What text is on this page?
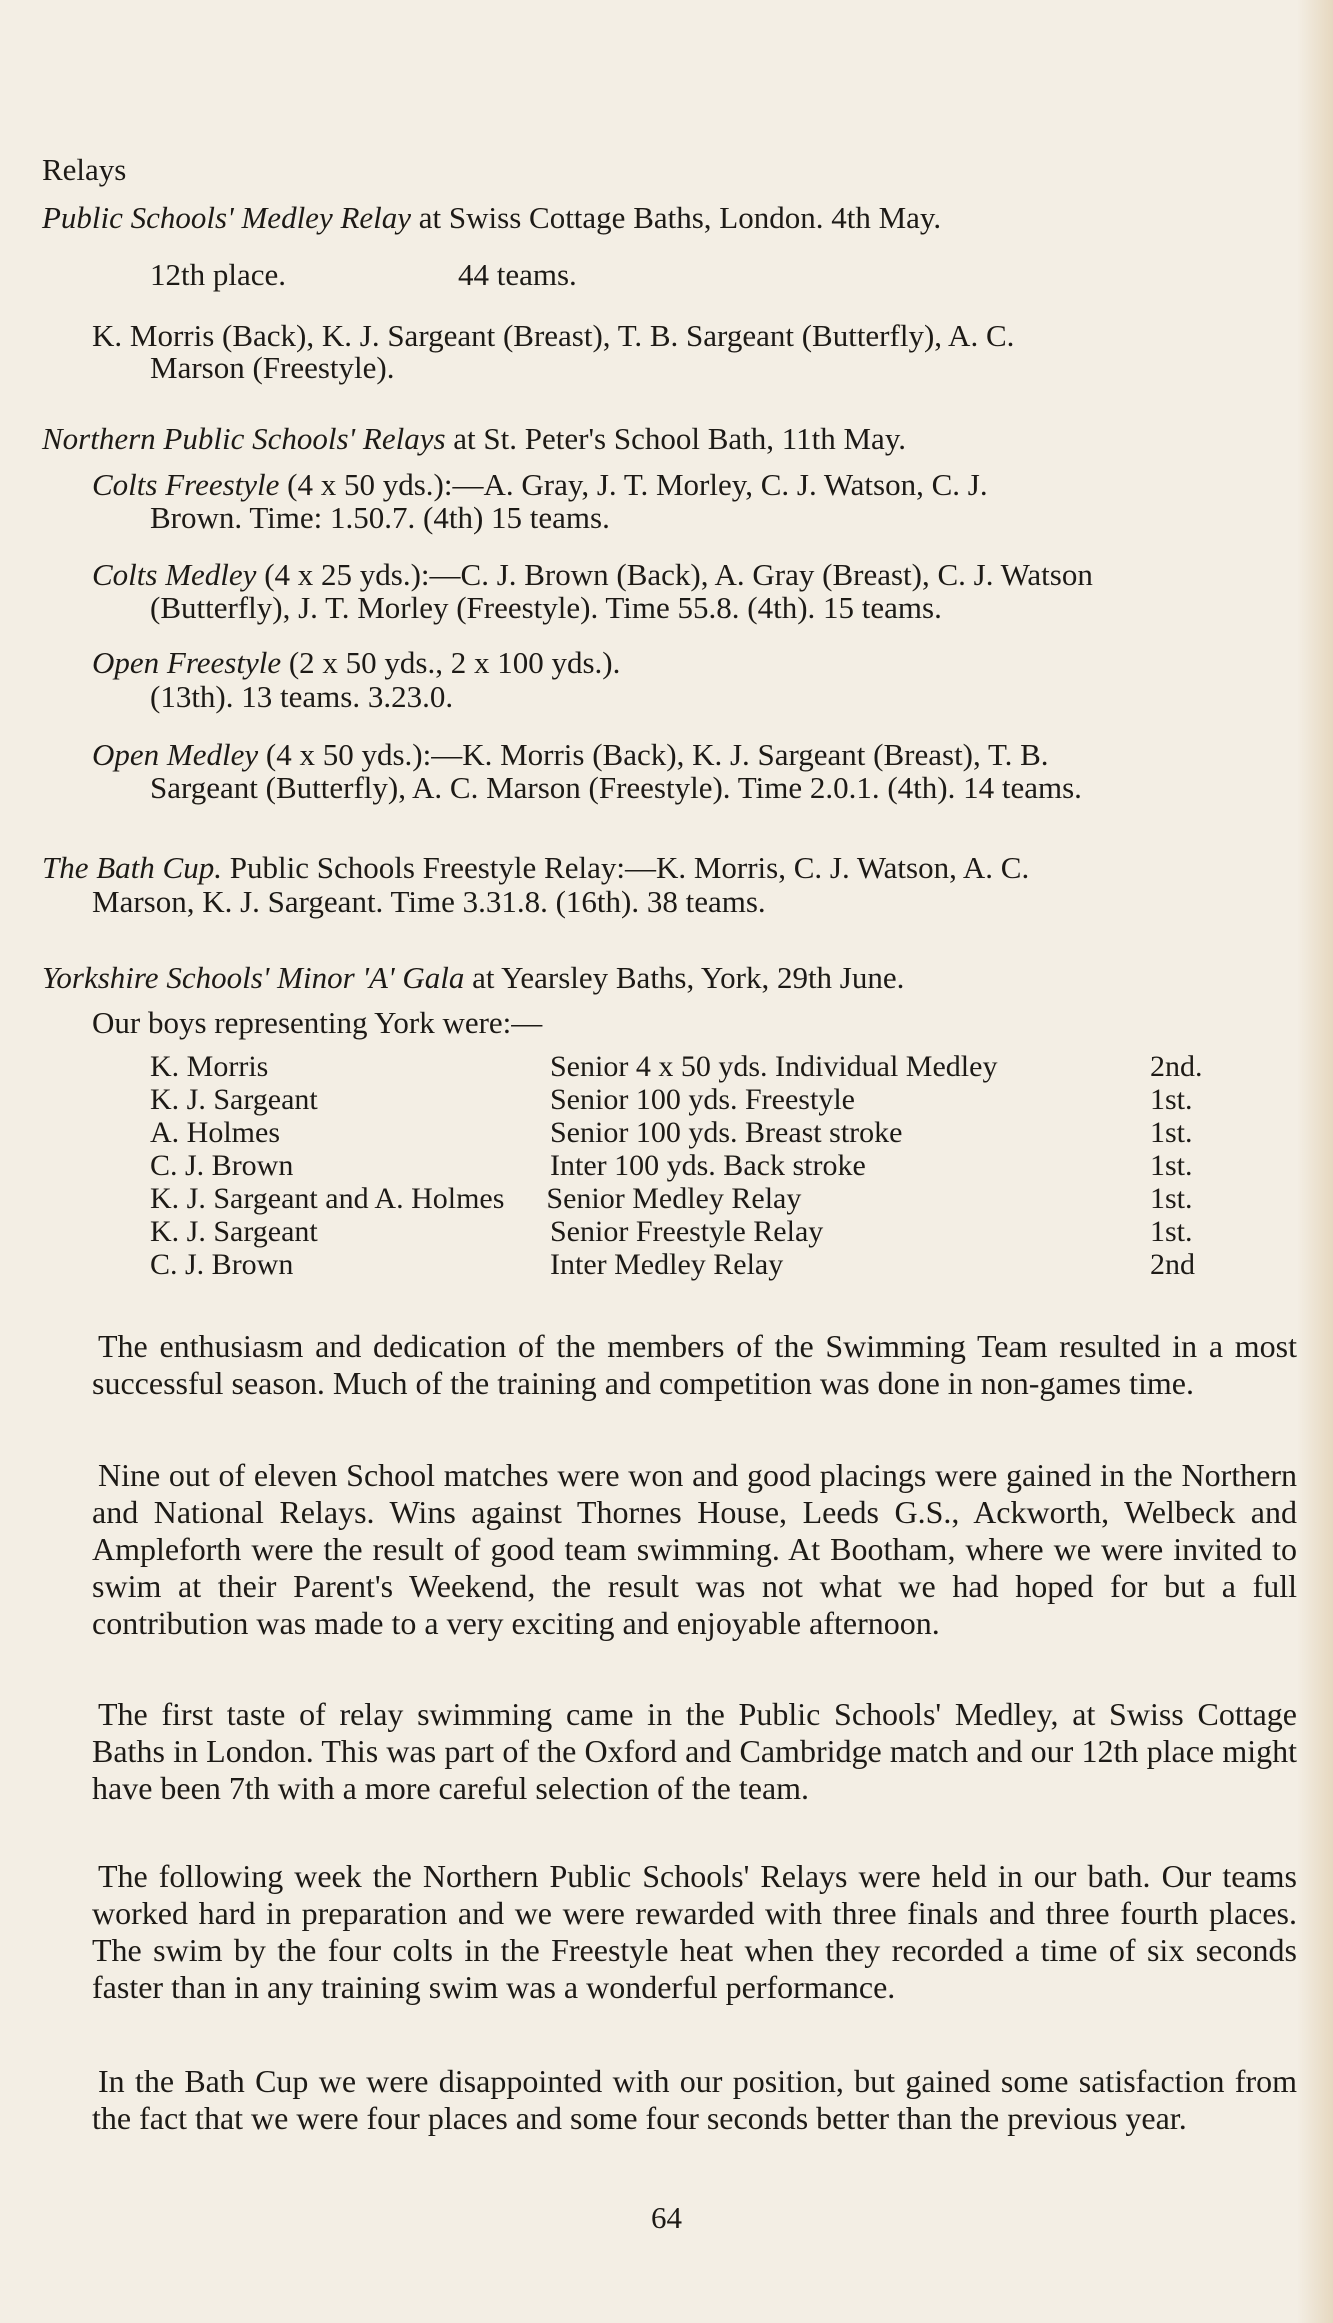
Relays
Public Schools' Medley Relay at Swiss Cottage Baths, London. 4th May.
12th place.	44 teams.
K. Morris (Back), K. J. Sargeant (Breast), T. B. Sargeant (Butterfly), A. C.
Marson (Freestyle).
Northern Public Schools' Relays at St. Peter's School Bath, 11th May.
Colts Freestyle (4 x 50 yds.):—A. Gray, J. T. Morley, C. J. Watson, C. J.
Brown. Time: 1.50.7. (4th) 15 teams.
Colts Medley (4 x 25 yds.):—C. J. Brown (Back), A. Gray (Breast), C. J. Watson
(Butterfly), J. T. Morley (Freestyle). Time 55.8. (4th). 15 teams.
Open Freestyle (2 x 50 yds., 2 x 100 yds.).
(13th). 13 teams. 3.23.0.
Open Medley (4 x 50 yds.):—K. Morris (Back), K. J. Sargeant (Breast), T. B.
Sargeant (Butterfly), A. C. Marson (Freestyle). Time 2.0.1. (4th). 14 teams.
The Bath Cup. Public Schools Freestyle Relay:—K. Morris, C. J. Watson, A. C.
Marson, K. J. Sargeant. Time 3.31.8. (16th). 38 teams.
Yorkshire Schools' Minor 'A' Gala at Yearsley Baths, York, 29th June.
Our boys representing York were:—
K. Morris	Senior 4 x 50 yds. Individual Medley	2nd.
K. J. Sargeant	Senior 100 yds. Freestyle	1st.
A. Holmes	Senior 100 yds. Breast stroke	1st.
C. J. Brown	Inter 100 yds. Back stroke	1st.
K. J. Sargeant and A. Holmes Senior Medley Relay		1st.
K. J. Sargeant	Senior Freestyle Relay	1st.
C. J. Brown	Inter Medley Relay	2nd
The enthusiasm and dedication of the members of the Swimming Team resulted in a most successful season. Much of the training and competition was done in non-games time.
Nine out of eleven School matches were won and good placings were gained in the Northern and National Relays. Wins against Thornes House, Leeds G.S., Ackworth, Welbeck and Ampleforth were the result of good team swimming. At Bootham, where we were invited to swim at their Parent's Weekend, the result was not what we had hoped for but a full contribution was made to a very exciting and enjoyable afternoon.
The first taste of relay swimming came in the Public Schools' Medley, at Swiss Cottage Baths in London. This was part of the Oxford and Cambridge match and our 12th place might have been 7th with a more careful selection of the team.
The following week the Northern Public Schools' Relays were held in our bath. Our teams worked hard in preparation and we were rewarded with three finals and three fourth places. The swim by the four colts in the Freestyle heat when they recorded a time of six seconds faster than in any training swim was a wonderful performance.
In the Bath Cup we were disappointed with our position, but gained some satisfaction from the fact that we were four places and some four seconds better than the previous year.
64
